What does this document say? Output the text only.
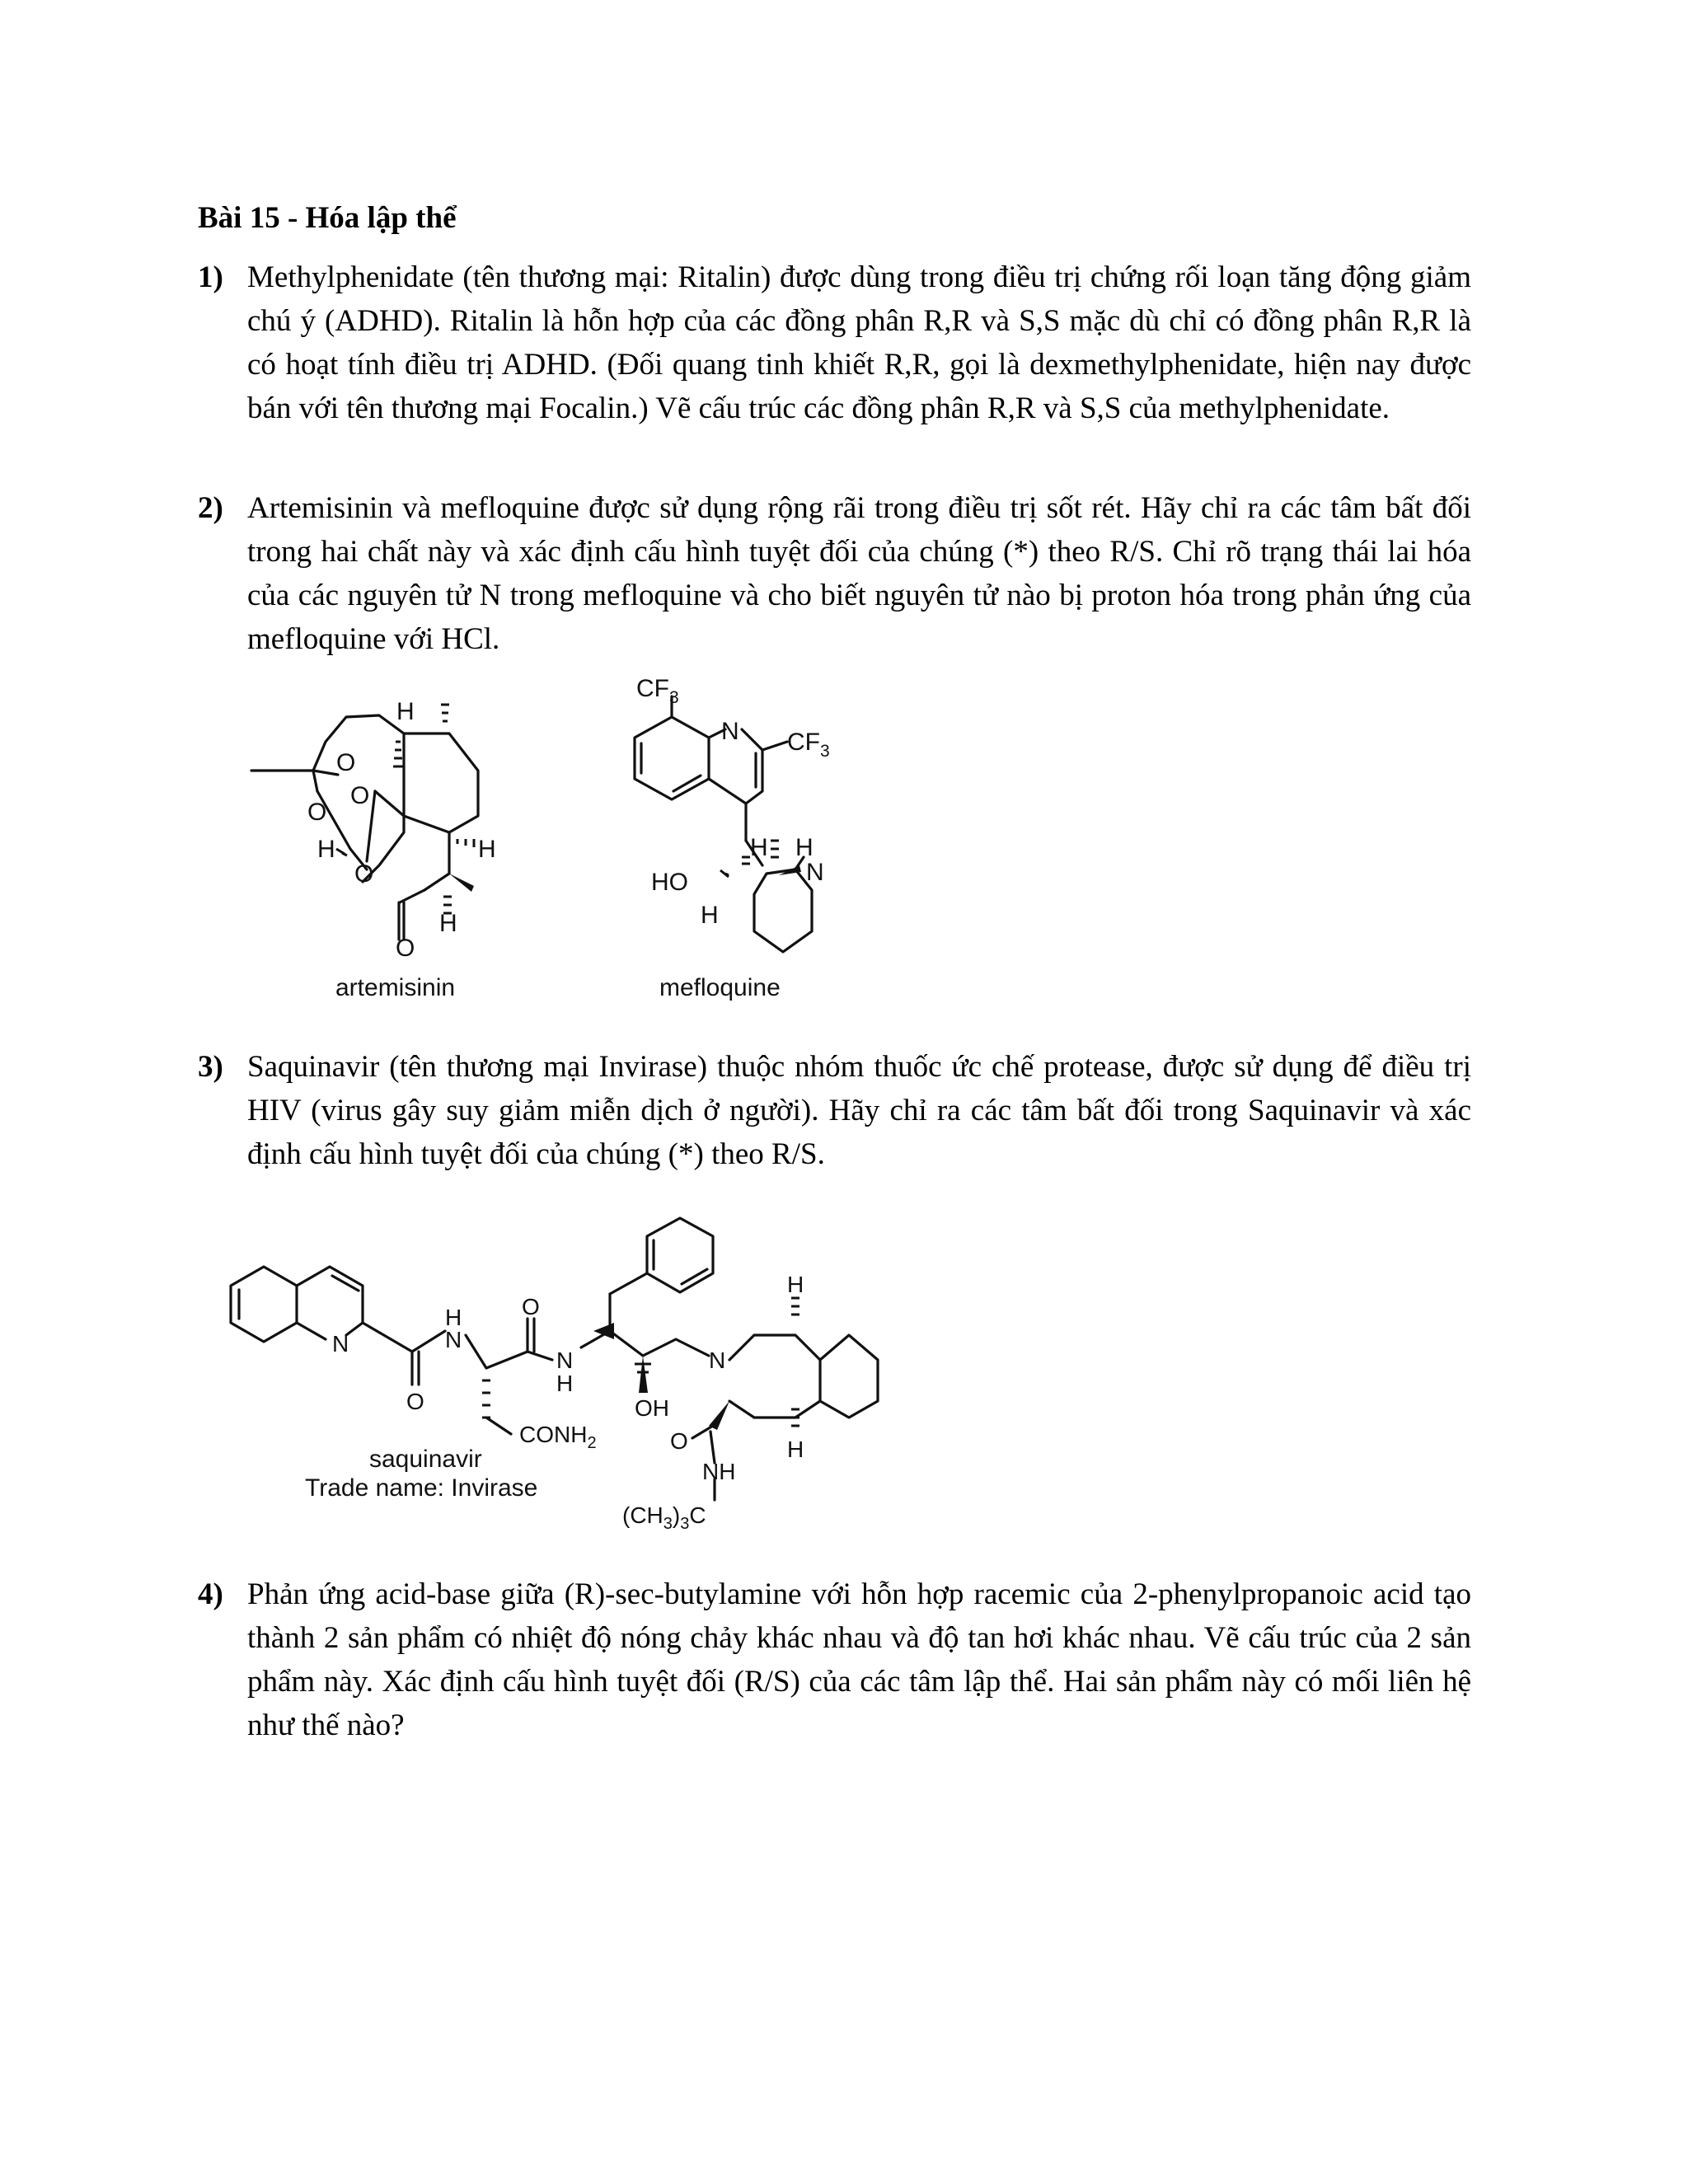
Bài 15 - Hóa lập thể
1) Methylphenidate (tên thương mại: Ritalin) được dùng trong điều trị chứng rối loạn tăng động giảm chú ý (ADHD). Ritalin là hỗn hợp của các đồng phân R,R và S,S mặc dù chỉ có đồng phân R,R là có hoạt tính điều trị ADHD. (Đối quang tinh khiết R,R, gọi là dexmethylphenidate, hiện nay được bán với tên thương mại Focalin.) Vẽ cấu trúc các đồng phân R,R và S,S của methylphenidate.
2) Artemisinin và mefloquine được sử dụng rộng rãi trong điều trị sốt rét. Hãy chỉ ra các tâm bất đối trong hai chất này và xác định cấu hình tuyệt đối của chúng (*) theo R/S. Chỉ rõ trạng thái lai hóa của các nguyên tử N trong mefloquine và cho biết nguyên tử nào bị proton hóa trong phản ứng của mefloquine với HCl.
H
O
O
O
H
O
O
H
H
artemisinin
$CF_3$
N $CF_3$
H H
N
HO
H
mefloquine
3) Saquinavir (tên thương mại Invirase) thuộc nhóm thuốc ức chế protease, được sử dụng để điều trị HIV (virus gây suy giảm miễn dịch ở người). Hãy chỉ ra các tâm bất đối trong Saquinavir và xác định cấu hình tuyệt đối của chúng (*) theo R/S.
H
N
N
O
O
N
H
N
OH
H
H
$CONH_2$	O
NH
$(CH_3)_3C$
saquinavir
Trade name: Invirase
4) Phản ứng acid-base giữa (R)-sec-butylamine với hỗn hợp racemic của 2-phenylpropanoic acid tạo thành 2 sản phẩm có nhiệt độ nóng chảy khác nhau và độ tan hơi khác nhau. Vẽ cấu trúc của 2 sản phẩm này. Xác định cấu hình tuyệt đối (R/S) của các tâm lập thể. Hai sản phẩm này có mối liên hệ như thế nào?
